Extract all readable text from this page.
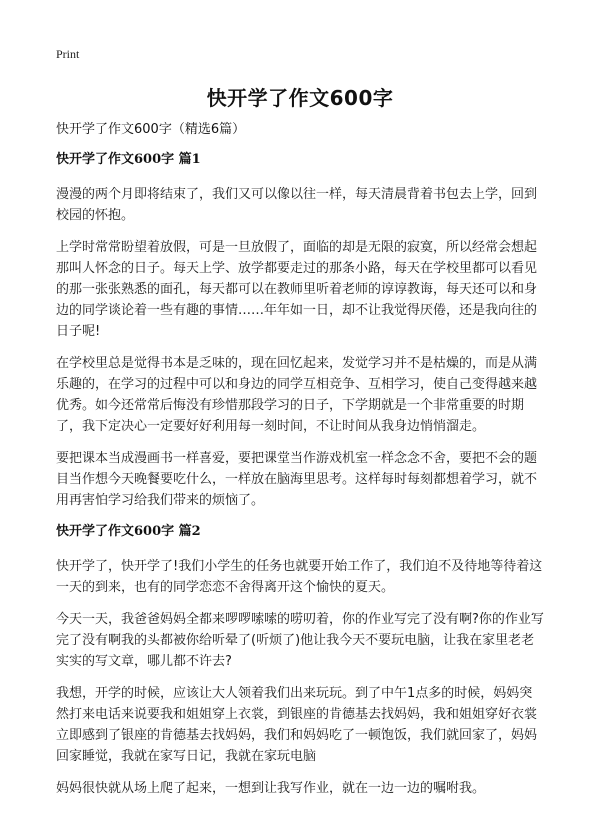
Print
快开学了作文600字

快开学了作文600字（精选6篇）

快开学了作文600字 篇1

漫漫的两个月即将结束了，我们又可以像以往一样，每天清晨背着书包去上学，回到校园的怀抱。

上学时常常盼望着放假，可是一旦放假了，面临的却是无限的寂寞，所以经常会想起那叫人怀念的日子。每天上学、放学都要走过的那条小路，每天在学校里都可以看见的那一张张熟悉的面孔，每天都可以在教师里听着老师的谆谆教诲，每天还可以和身边的同学谈论着一些有趣的事情……年年如一日，却不让我觉得厌倦，还是我向往的日子呢!

在学校里总是觉得书本是乏味的，现在回忆起来，发觉学习并不是枯燥的，而是从满乐趣的，在学习的过程中可以和身边的同学互相竞争、互相学习，使自己变得越来越优秀。如今还常常后悔没有珍惜那段学习的日子，下学期就是一个非常重要的时期了，我下定决心一定要好好利用每一刻时间，不让时间从我身边悄悄溜走。

要把课本当成漫画书一样喜爱，要把课堂当作游戏机室一样念念不舍，要把不会的题目当作想今天晚餐要吃什么，一样放在脑海里思考。这样每时每刻都想着学习，就不用再害怕学习给我们带来的烦恼了。

快开学了作文600字 篇2

快开学了，快开学了!我们小学生的任务也就要开始工作了，我们迫不及待地等待着这一天的到来，也有的同学恋恋不舍得离开这个愉快的夏天。

今天一天，我爸爸妈妈全都来啰啰嗦嗦的唠叨着，你的作业写完了没有啊?你的作业写完了没有啊我的头都被你给听晕了(听烦了)他让我今天不要玩电脑，让我在家里老老实实的写文章，哪儿都不许去?

我想，开学的时候，应该让大人领着我们出来玩玩。到了中午1点多的时候，妈妈突然打来电话来说要我和姐姐穿上衣裳，到银座的肯德基去找妈妈，我和姐姐穿好衣裳立即感到了银座的肯德基去找妈妈，我们和妈妈吃了一顿饱饭，我们就回家了，妈妈回家睡觉，我就在家写日记，我就在家玩电脑

妈妈很快就从场上爬了起来，一想到让我写作业，就在一边一边的嘱咐我。
